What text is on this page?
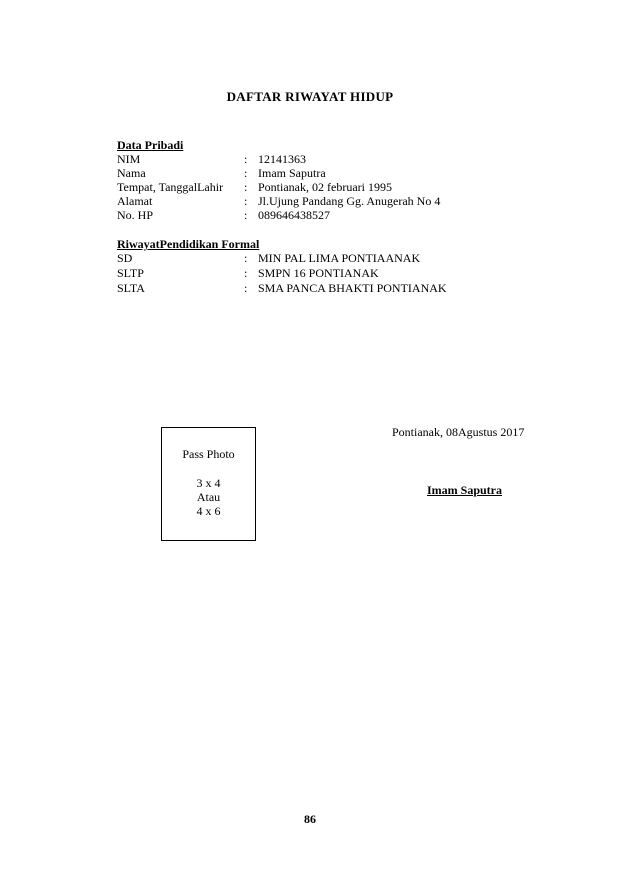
DAFTAR RIWAYAT HIDUP
Data Pribadi
NIM	: 12141363
Nama	: Imam Saputra
Tempat, TanggalLahir	: Pontianak, 02 februari 1995
Alamat	: Jl.Ujung Pandang Gg. Anugerah No 4
No. HP	: 089646438527
RiwayatPendidikan Formal
SD	: MIN PAL LIMA PONTIAANAK
SLTP	: SMPN 16 PONTIANAK
SLTA	: SMA PANCA BHAKTI PONTIANAK
Pass Photo
3 x 4
Atau
4 x 6
Pontianak, 08Agustus 2017
Imam Saputra
86
